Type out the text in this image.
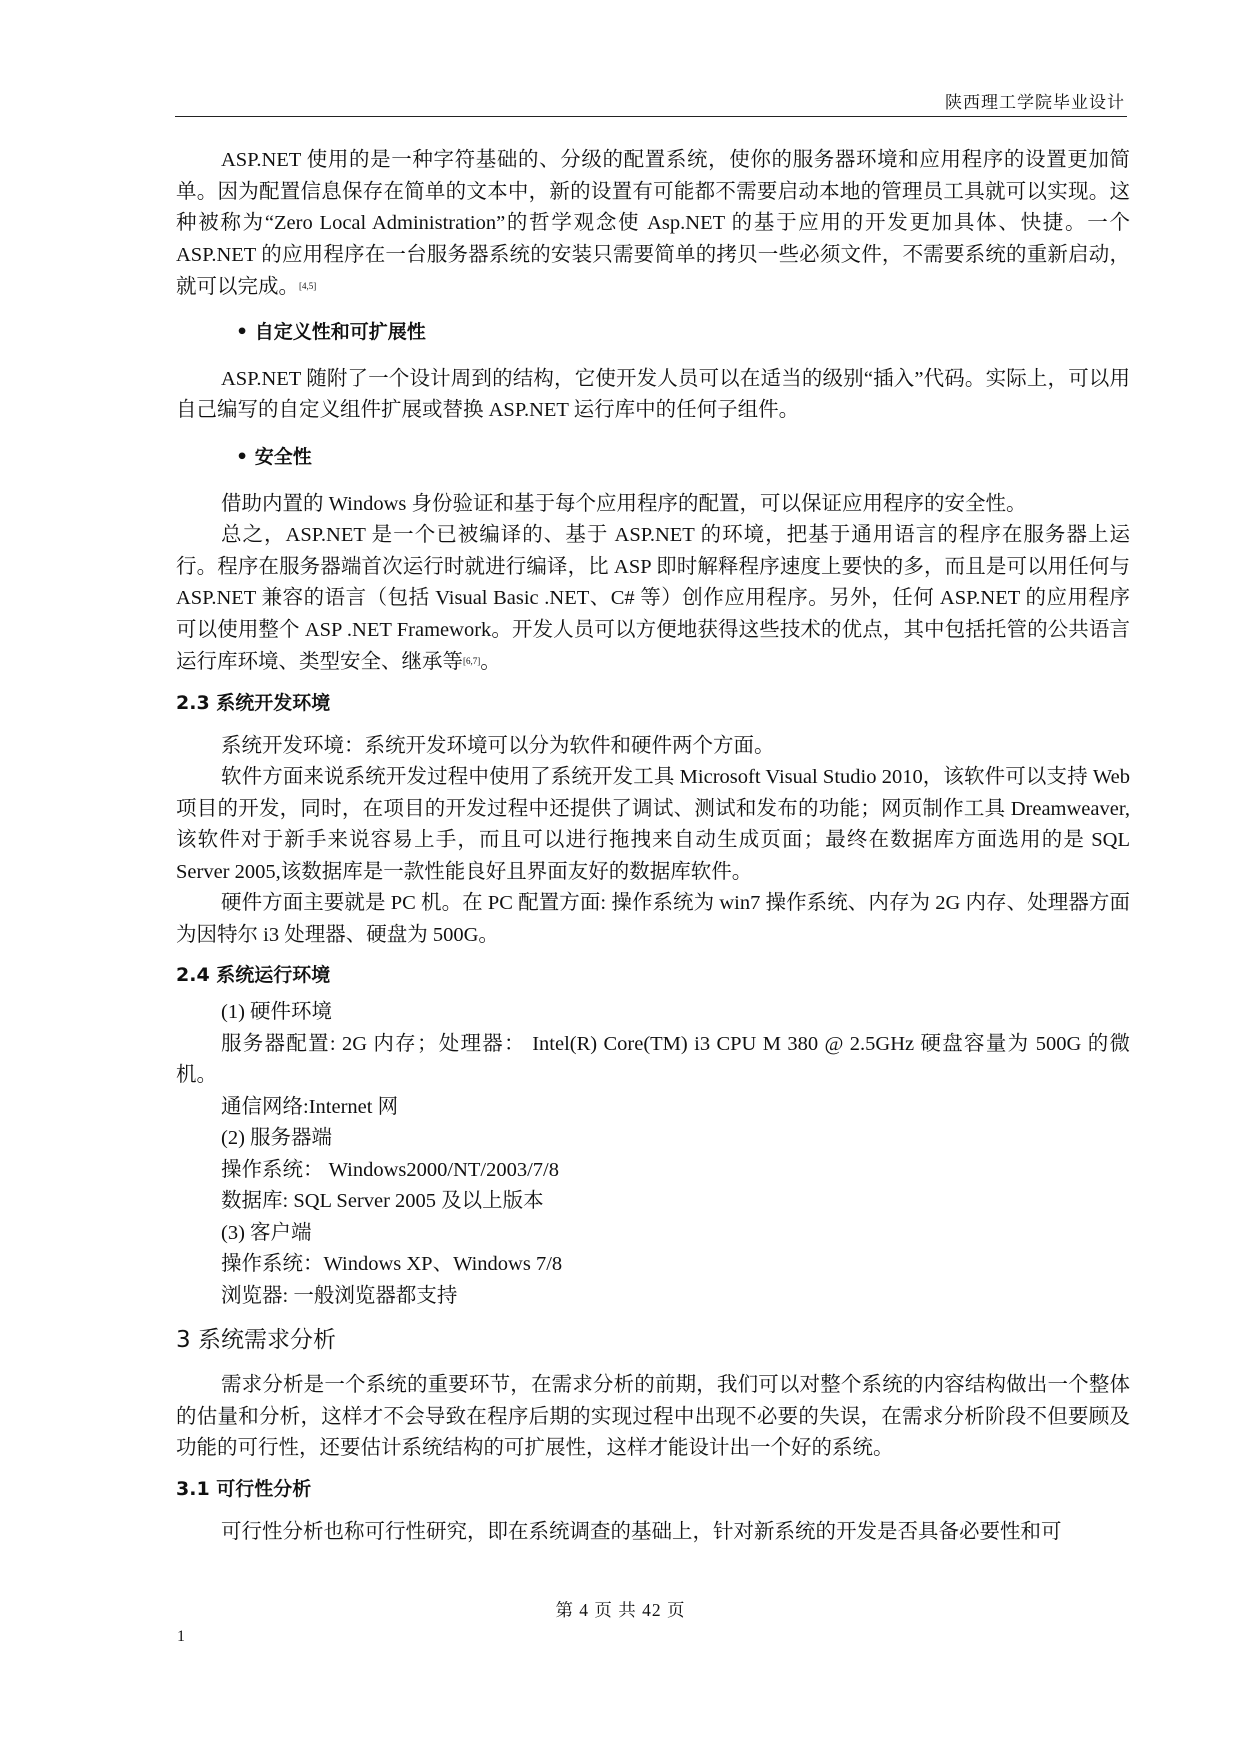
陕西理工学院毕业设计

ASP.NET 使用的是一种字符基础的、分级的配置系统，使你的服务器环境和应用程序的设置更加简单。因为配置信息保存在简单的文本中，新的设置有可能都不需要启动本地的管理员工具就可以实现。这种被称为“Zero Local Administration”的哲学观念使 Asp.NET 的基于应用的开发更加具体、快捷。一个 ASP.NET 的应用程序在一台服务器系统的安装只需要简单的拷贝一些必须文件，不需要系统的重新启动，就可以完成。[4,5]

• 自定义性和可扩展性

ASP.NET 随附了一个设计周到的结构，它使开发人员可以在适当的级别“插入”代码。实际上，可以用自己编写的自定义组件扩展或替换 ASP.NET 运行库中的任何子组件。

• 安全性

借助内置的 Windows 身份验证和基于每个应用程序的配置，可以保证应用程序的安全性。

总之，ASP.NET 是一个已被编译的、基于 ASP.NET 的环境，把基于通用语言的程序在服务器上运行。程序在服务器端首次运行时就进行编译，比 ASP 即时解释程序速度上要快的多，而且是可以用任何与 ASP.NET 兼容的语言（包括 Visual Basic .NET、C# 等）创作应用程序。另外，任何 ASP.NET 的应用程序可以使用整个 ASP .NET Framework。开发人员可以方便地获得这些技术的优点，其中包括托管的公共语言运行库环境、类型安全、继承等[6,7]。

2.3 系统开发环境

系统开发环境：系统开发环境可以分为软件和硬件两个方面。

软件方面来说系统开发过程中使用了系统开发工具 Microsoft Visual Studio 2010，该软件可以支持 Web 项目的开发，同时，在项目的开发过程中还提供了调试、测试和发布的功能；网页制作工具 Dreamweaver,该软件对于新手来说容易上手，而且可以进行拖拽来自动生成页面；最终在数据库方面选用的是 SQL Server 2005,该数据库是一款性能良好且界面友好的数据库软件。

硬件方面主要就是 PC 机。在 PC 配置方面: 操作系统为 win7 操作系统、内存为 2G 内存、处理器方面为因特尔 i3 处理器、硬盘为 500G。

2.4 系统运行环境

(1) 硬件环境

服务器配置: 2G 内存；处理器： Intel(R) Core(TM) i3 CPU M 380 @ 2.5GHz 硬盘容量为 500G 的微机。

通信网络:Internet 网

(2) 服务器端

操作系统： Windows2000/NT/2003/7/8

数据库: SQL Server 2005 及以上版本

(3) 客户端

操作系统：Windows XP、Windows 7/8

浏览器: 一般浏览器都支持

3 系统需求分析

需求分析是一个系统的重要环节，在需求分析的前期，我们可以对整个系统的内容结构做出一个整体的估量和分析，这样才不会导致在程序后期的实现过程中出现不必要的失误，在需求分析阶段不但要顾及功能的可行性，还要估计系统结构的可扩展性，这样才能设计出一个好的系统。

3.1 可行性分析

可行性分析也称可行性研究，即在系统调查的基础上，针对新系统的开发是否具备必要性和可

第 4 页 共 42 页
1
